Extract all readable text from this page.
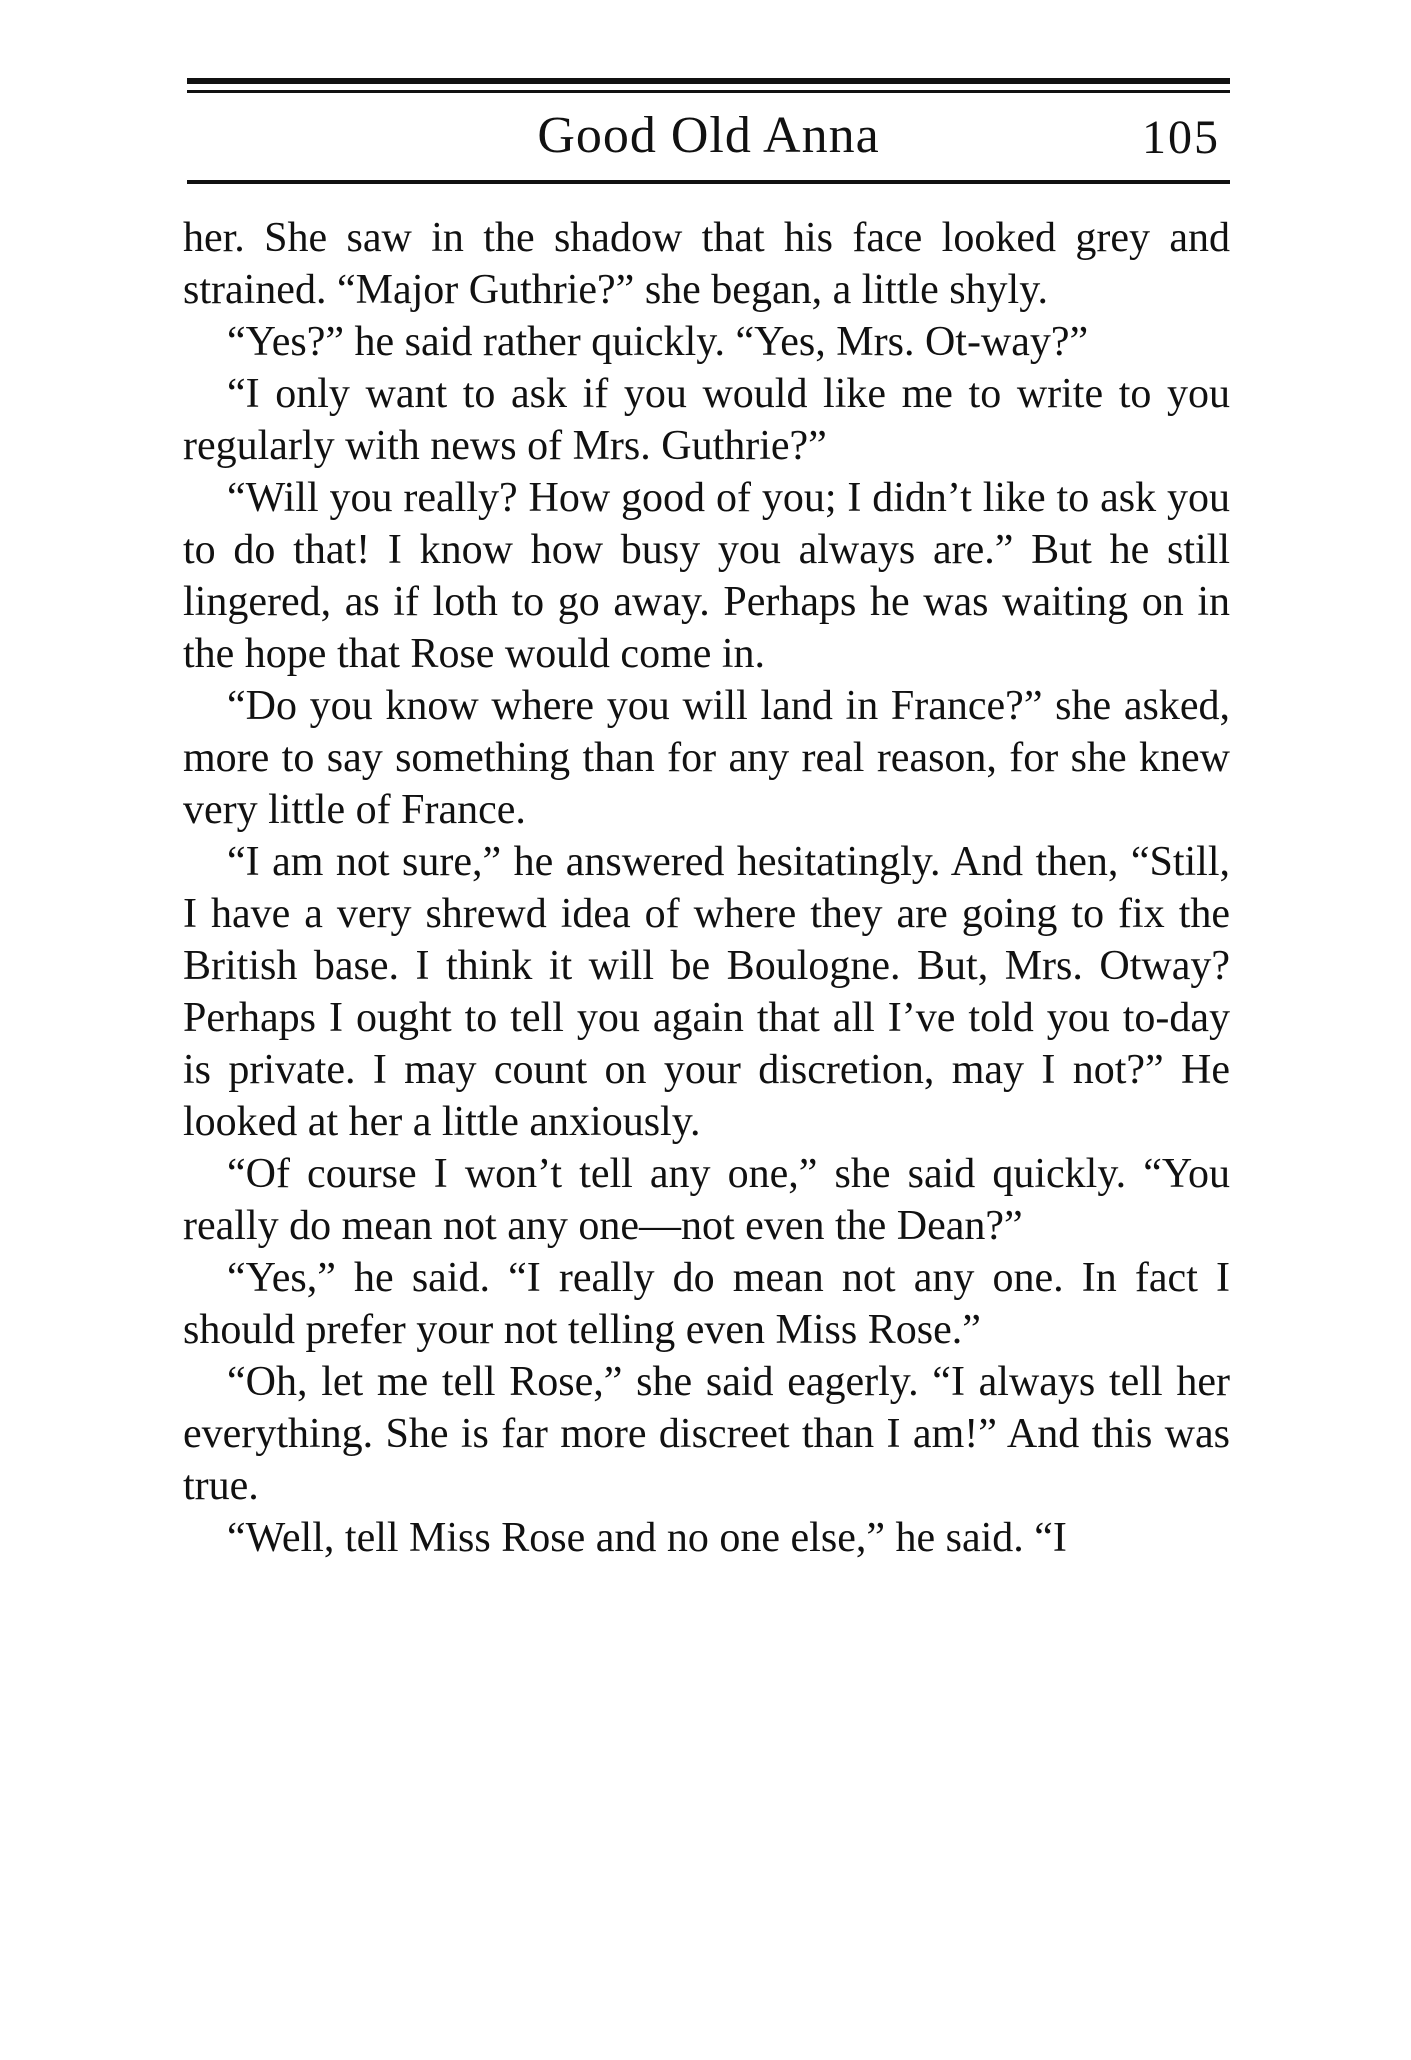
Good Old Anna	105

her. She saw in the shadow that his face looked grey and strained. “Major Guthrie?” she began, a little shyly.

“Yes?” he said rather quickly. “Yes, Mrs. Ot-way?”

“I only want to ask if you would like me to write to you regularly with news of Mrs. Guthrie?”

“Will you really? How good of you; I didn’t like to ask you to do that! I know how busy you always are.” But he still lingered, as if loth to go away. Perhaps he was waiting on in the hope that Rose would come in.

“Do you know where you will land in France?” she asked, more to say something than for any real reason, for she knew very little of France.

“I am not sure,” he answered hesitatingly. And then, “Still, I have a very shrewd idea of where they are going to fix the British base. I think it will be Boulogne. But, Mrs. Otway? Perhaps I ought to tell you again that all I’ve told you to-day is private. I may count on your discretion, may I not?” He looked at her a little anxiously.

“Of course I won’t tell any one,” she said quickly. “You really do mean not any one—not even the Dean?”

“Yes,” he said. “I really do mean not any one. In fact I should prefer your not telling even Miss Rose.”

“Oh, let me tell Rose,” she said eagerly. “I always tell her everything. She is far more discreet than I am!” And this was true.

“Well, tell Miss Rose and no one else,” he said. “I
